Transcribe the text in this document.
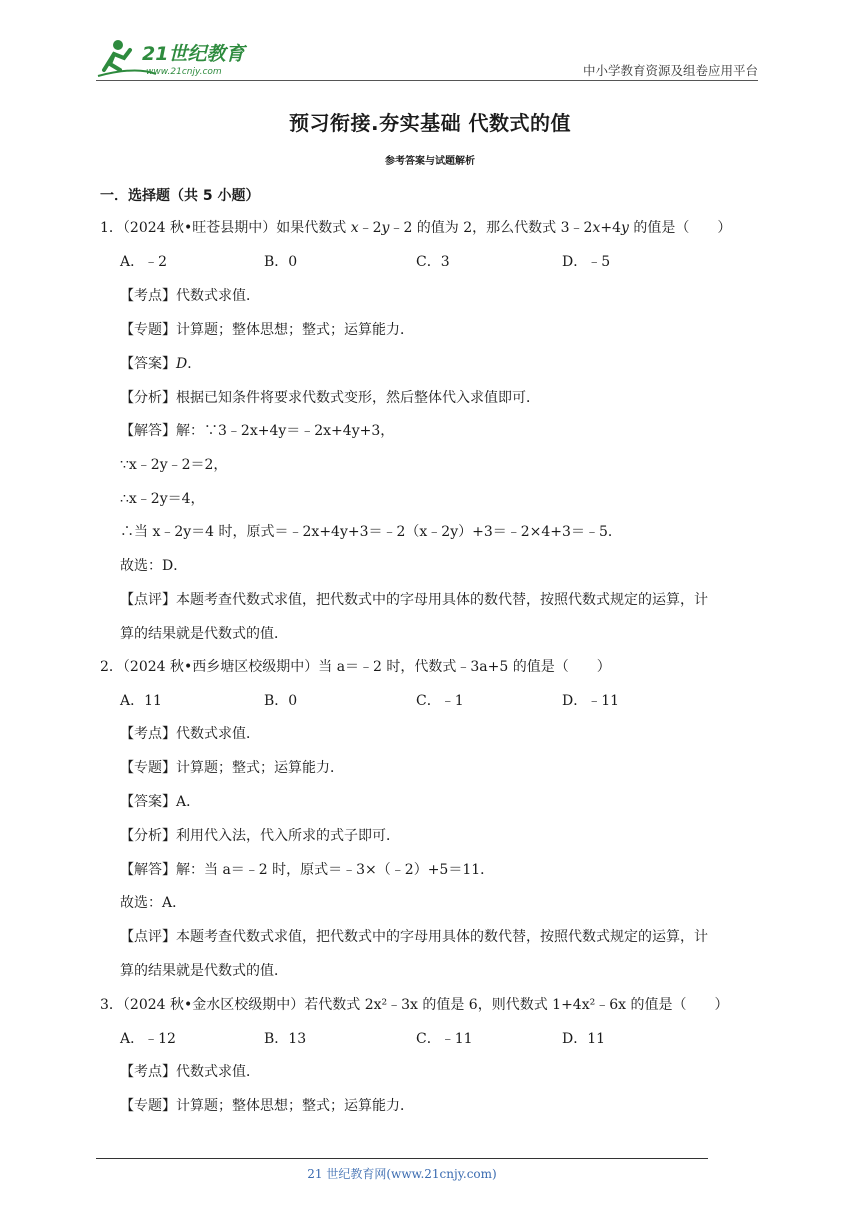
21世纪教育
www.21cnjy.com	中小学教育资源及组卷应用平台
预习衔接.夯实基础 代数式的值
参考答案与试题解析
一．选择题（共 5 小题）
1．（2024 秋•旺苍县期中）如果代数式 x﹣2y﹣2 的值为 2，那么代数式 3﹣2x+4y 的值是（　　）
A．﹣2	B．0	C．3	D．﹣5
【考点】代数式求值．
【专题】计算题；整体思想；整式；运算能力．
【答案】D．
【分析】根据已知条件将要求代数式变形，然后整体代入求值即可．
【解答】解：∵3﹣2x+4y＝﹣2x+4y+3，
∵x﹣2y﹣2＝2，
∴x﹣2y＝4，
∴当 x﹣2y＝4 时，原式＝﹣2x+4y+3＝﹣2（x﹣2y）+3＝﹣2×4+3＝﹣5．
故选：D．
【点评】本题考查代数式求值，把代数式中的字母用具体的数代替，按照代数式规定的运算，计
算的结果就是代数式的值．
2．（2024 秋•西乡塘区校级期中）当 a＝﹣2 时，代数式﹣3a+5 的值是（　　）
A．11	B．0	C．﹣1	D．﹣11
【考点】代数式求值．
【专题】计算题；整式；运算能力．
【答案】A．
【分析】利用代入法，代入所求的式子即可．
【解答】解：当 a＝﹣2 时，原式＝﹣3×（﹣2）+5＝11．
故选：A．
【点评】本题考查代数式求值，把代数式中的字母用具体的数代替，按照代数式规定的运算，计
算的结果就是代数式的值．
3．（2024 秋•金水区校级期中）若代数式 2x²﹣3x 的值是 6，则代数式 1+4x²﹣6x 的值是（　　）
A．﹣12	B．13	C．﹣11	D．11
【考点】代数式求值．
【专题】计算题；整体思想；整式；运算能力．
21 世纪教育网(www.21cnjy.com)
